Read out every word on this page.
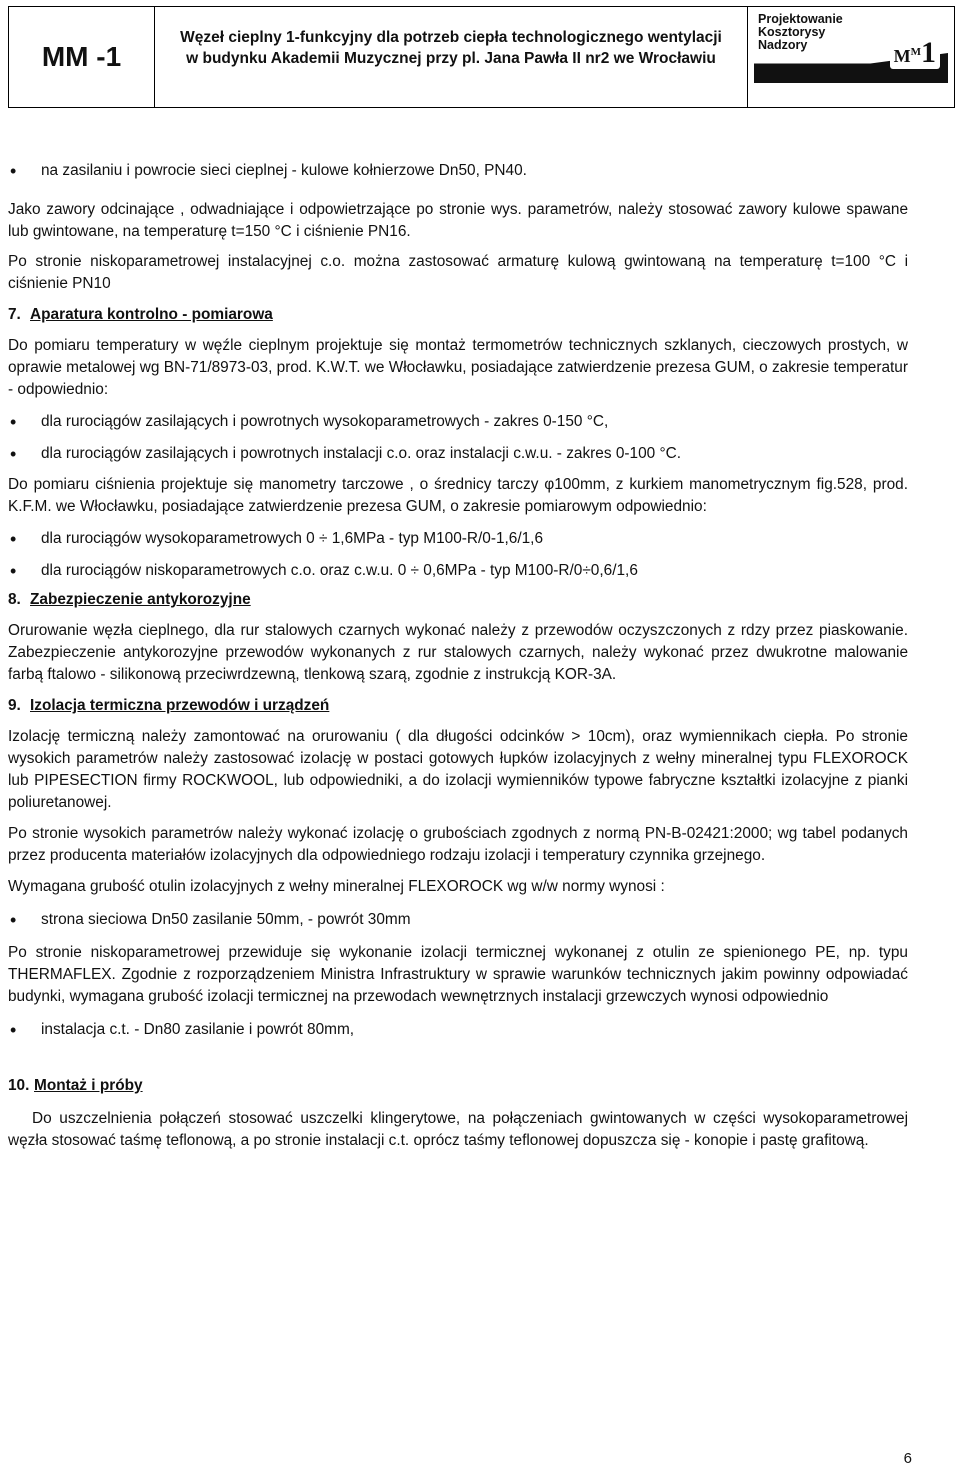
MM -1
Węzeł cieplny 1-funkcyjny dla potrzeb ciepła technologicznego wentylacji
w budynku Akademii Muzycznej przy pl. Jana Pawła II nr2 we Wrocławiu
Projektowanie
Kosztorysy
Nadzory
$M^M1$

• na zasilaniu i powrocie sieci cieplnej - kulowe kołnierzowe Dn50, PN40.

Jako zawory odcinające , odwadniające i odpowietrzające po stronie wys. parametrów, należy stosować zawory kulowe spawane lub gwintowane, na temperaturę t=150 °C i ciśnienie PN16.

Po stronie niskoparametrowej instalacyjnej c.o. można zastosować armaturę kulową gwintowaną na temperaturę t=100 °C i ciśnienie PN10

7. Aparatura kontrolno - pomiarowa

Do pomiaru temperatury w węźle cieplnym projektuje się montaż termometrów technicznych szklanych, cieczowych prostych, w oprawie metalowej wg BN-71/8973-03, prod. K.W.T. we Włocławku, posiadające zatwierdzenie prezesa GUM, o zakresie temperatur - odpowiednio:

• dla rurociągów zasilających i powrotnych wysokoparametrowych - zakres 0-150 °C,

• dla rurociągów zasilających i powrotnych instalacji c.o. oraz instalacji c.w.u. - zakres 0-100 °C.

Do pomiaru ciśnienia projektuje się manometry tarczowe , o średnicy tarczy φ100mm, z kurkiem manometrycznym fig.528, prod. K.F.M. we Włocławku, posiadające zatwierdzenie prezesa GUM, o zakresie pomiarowym odpowiednio:

• dla rurociągów wysokoparametrowych 0 ÷ 1,6MPa - typ M100-R/0-1,6/1,6

• dla rurociągów niskoparametrowych c.o. oraz c.w.u. 0 ÷ 0,6MPa - typ M100-R/0÷0,6/1,6

8. Zabezpieczenie antykorozyjne

Orurowanie węzła cieplnego, dla rur stalowych czarnych wykonać należy z przewodów oczyszczonych z rdzy przez piaskowanie. Zabezpieczenie antykorozyjne przewodów wykonanych z rur stalowych czarnych, należy wykonać przez dwukrotne malowanie farbą ftalowo - silikonową przeciwrdzewną, tlenkową szarą, zgodnie z instrukcją KOR-3A.

9. Izolacja termiczna przewodów i urządzeń

Izolację termiczną należy zamontować na orurowaniu ( dla długości odcinków > 10cm), oraz wymiennikach ciepła. Po stronie wysokich parametrów należy zastosować izolację w postaci gotowych łupków izolacyjnych z wełny mineralnej typu FLEXOROCK lub PIPESECTION firmy ROCKWOOL, lub odpowiedniki, a do izolacji wymienników typowe fabryczne kształtki izolacyjne z pianki poliuretanowej.

Po stronie wysokich parametrów należy wykonać izolację o grubościach zgodnych z normą PN-B-02421:2000; wg tabel podanych przez producenta materiałów izolacyjnych dla odpowiedniego rodzaju izolacji i temperatury czynnika grzejnego.

Wymagana grubość otulin izolacyjnych z wełny mineralnej FLEXOROCK wg w/w normy wynosi :

• strona sieciowa Dn50 zasilanie 50mm, - powrót 30mm

Po stronie niskoparametrowej przewiduje się wykonanie izolacji termicznej wykonanej z otulin ze spienionego PE, np. typu THERMAFLEX. Zgodnie z rozporządzeniem Ministra Infrastruktury w sprawie warunków technicznych jakim powinny odpowiadać budynki, wymagana grubość izolacji termicznej na przewodach wewnętrznych instalacji grzewczych wynosi odpowiednio

• instalacja c.t. - Dn80 zasilanie i powrót 80mm,

10. Montaż i próby

Do uszczelnienia połączeń stosować uszczelki klingerytowe, na połączeniach gwintowanych w części wysokoparametrowej węzła stosować taśmę teflonową, a po stronie instalacji c.t. oprócz taśmy teflonowej dopuszcza się - konopie i pastę grafitową.

6
